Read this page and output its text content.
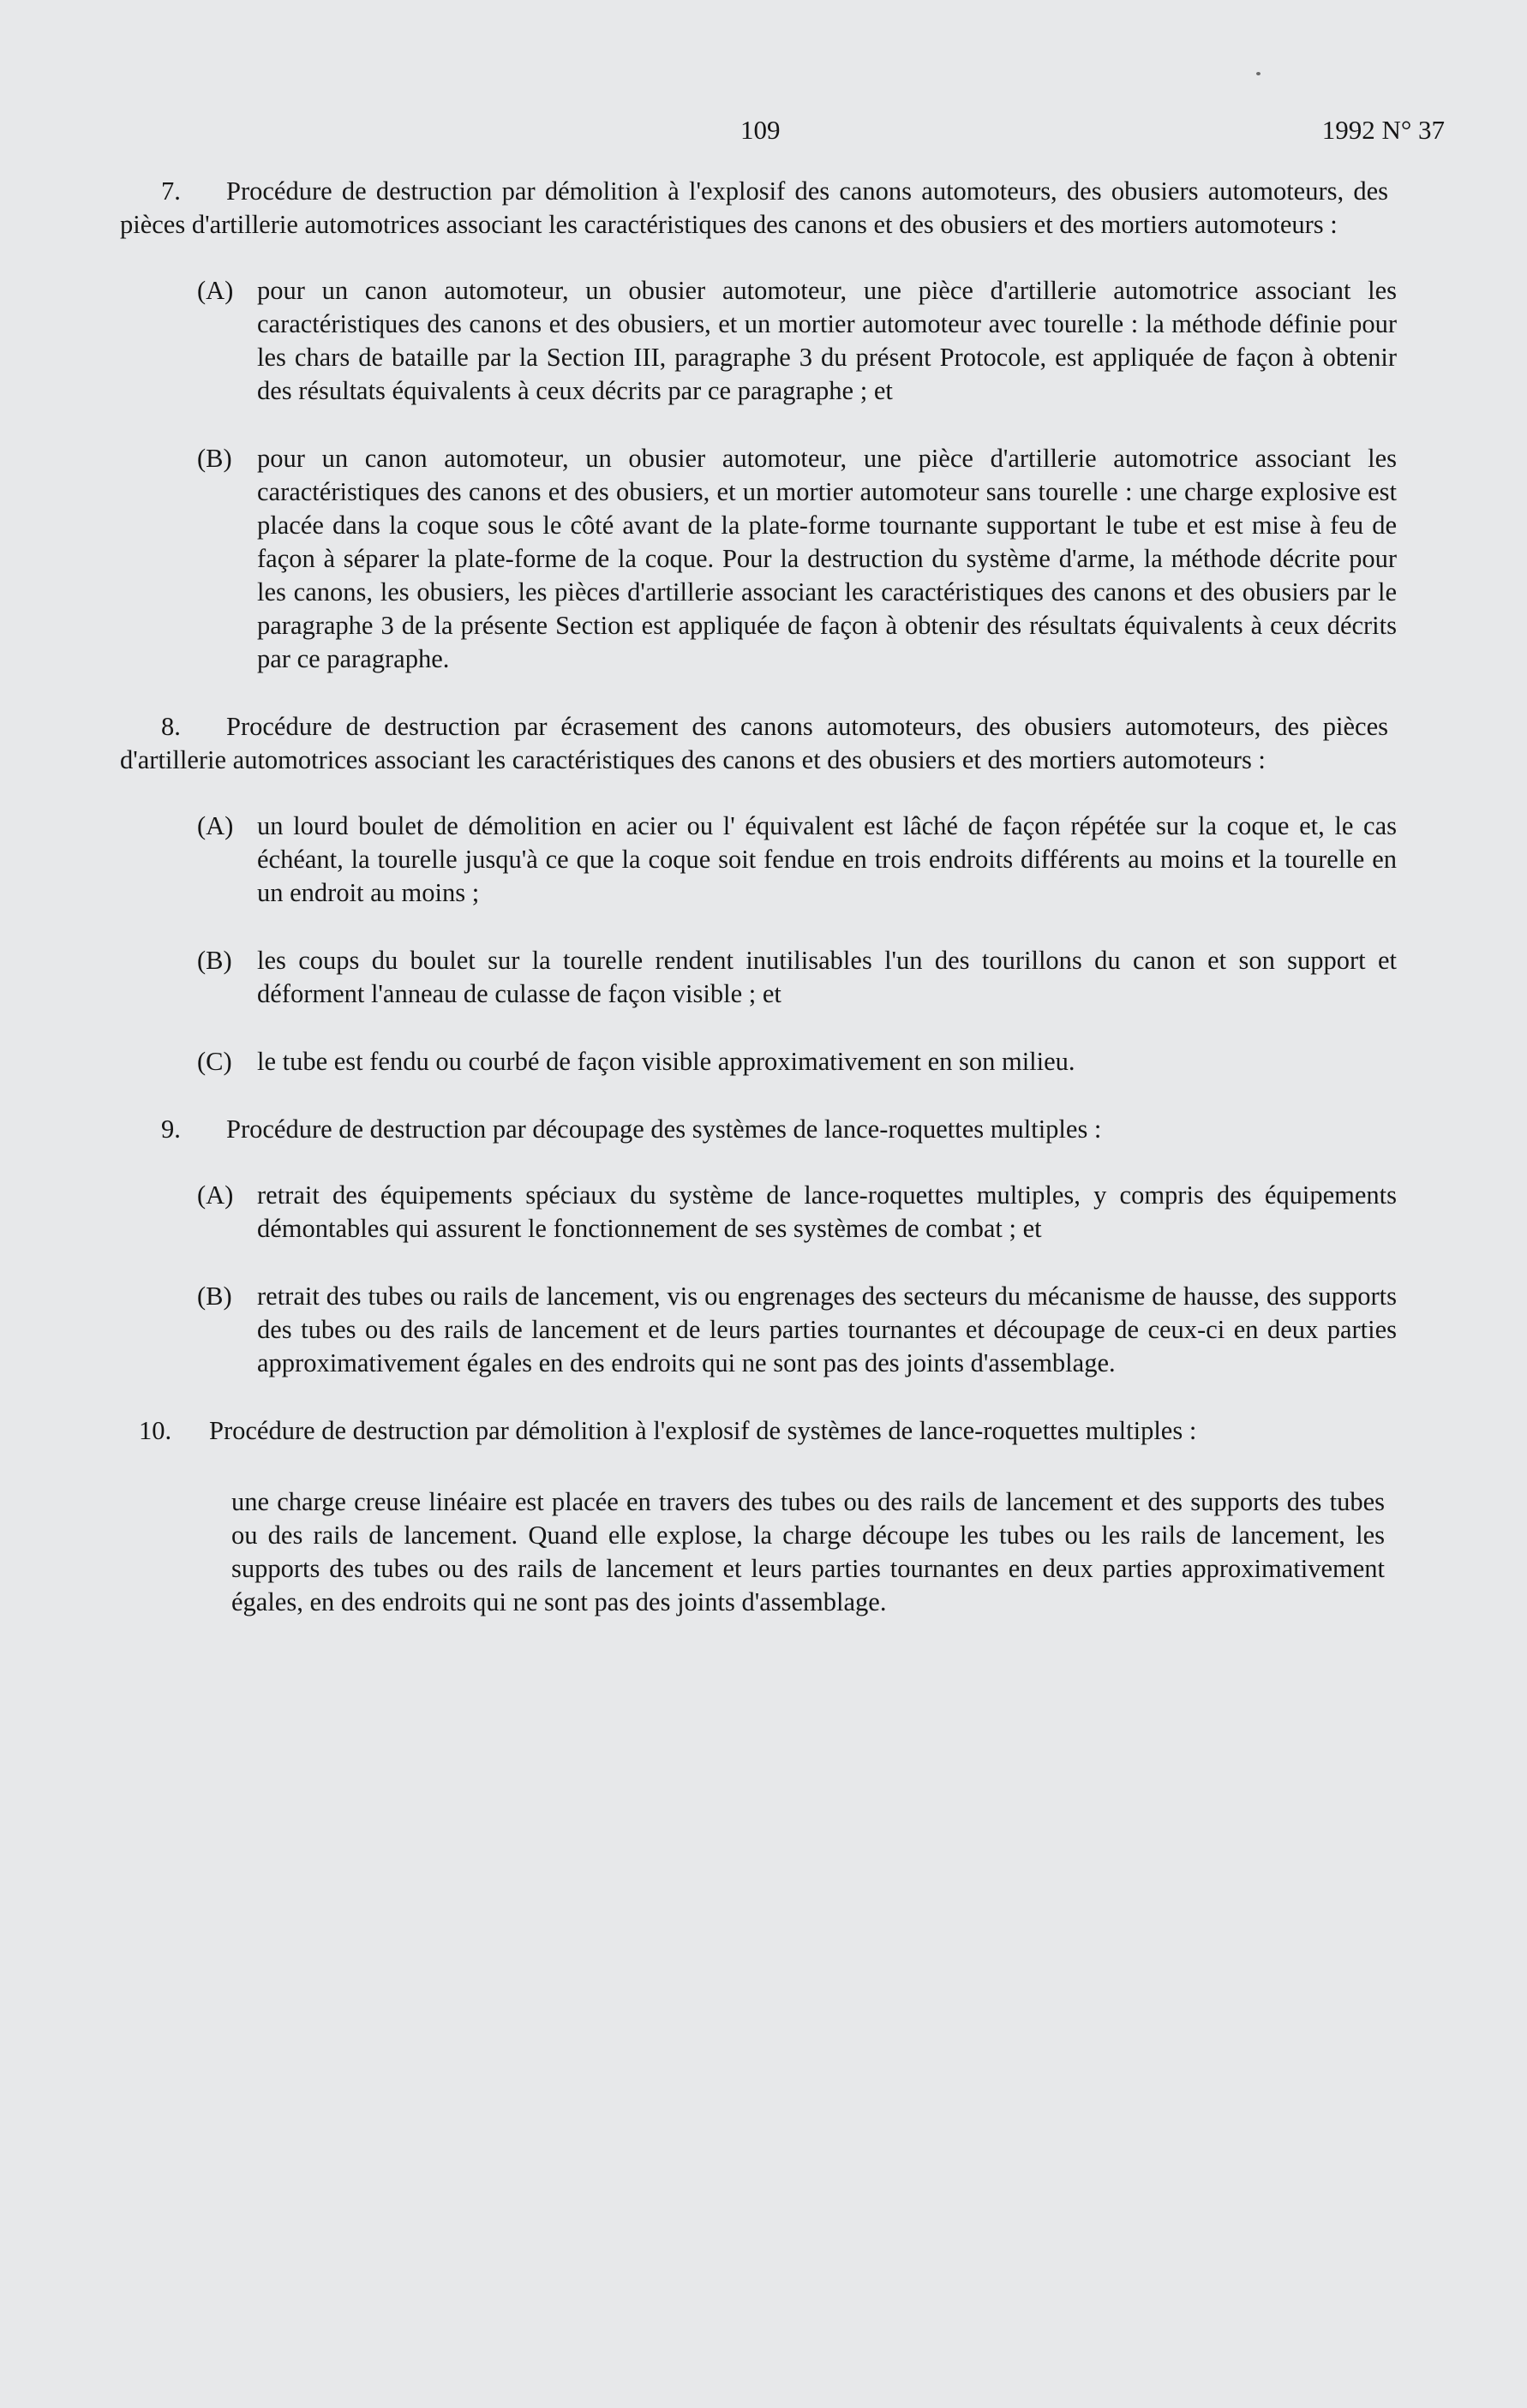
109	1992 N° 37

7. Procédure de destruction par démolition à l'explosif des canons automoteurs, des obusiers automoteurs, des pièces d'artillerie automotrices associant les caractéristiques des canons et des obusiers et des mortiers automoteurs :

(A) pour un canon automoteur, un obusier automoteur, une pièce d'artillerie automotrice associant les caractéristiques des canons et des obusiers, et un mortier automoteur avec tourelle : la méthode définie pour les chars de bataille par la Section III, paragraphe 3 du présent Protocole, est appliquée de façon à obtenir des résultats équivalents à ceux décrits par ce paragraphe ; et
(B) pour un canon automoteur, un obusier automoteur, une pièce d'artillerie automotrice associant les caractéristiques des canons et des obusiers, et un mortier automoteur sans tourelle : une charge explosive est placée dans la coque sous le côté avant de la plate-forme tournante supportant le tube et est mise à feu de façon à séparer la plate-forme de la coque. Pour la destruction du système d'arme, la méthode décrite pour les canons, les obusiers, les pièces d'artillerie associant les caractéristiques des canons et des obusiers par le paragraphe 3 de la présente Section est appliquée de façon à obtenir des résultats équivalents à ceux décrits par ce paragraphe.

8. Procédure de destruction par écrasement des canons automoteurs, des obusiers automoteurs, des pièces d'artillerie automotrices associant les caractéristiques des canons et des obusiers et des mortiers automoteurs :

(A) un lourd boulet de démolition en acier ou l' équivalent est lâché de façon répétée sur la coque et, le cas échéant, la tourelle jusqu'à ce que la coque soit fendue en trois endroits différents au moins et la tourelle en un endroit au moins ;
(B) les coups du boulet sur la tourelle rendent inutilisables l'un des tourillons du canon et son support et déforment l'anneau de culasse de façon visible ; et
(C) le tube est fendu ou courbé de façon visible approximativement en son milieu.

9. Procédure de destruction par découpage des systèmes de lance-roquettes multiples :

(A) retrait des équipements spéciaux du système de lance-roquettes multiples, y compris des équipements démontables qui assurent le fonctionnement de ses systèmes de combat ; et
(B) retrait des tubes ou rails de lancement, vis ou engrenages des secteurs du mécanisme de hausse, des supports des tubes ou des rails de lancement et de leurs parties tournantes et découpage de ceux-ci en deux parties approximativement égales en des endroits qui ne sont pas des joints d'assemblage.

10. Procédure de destruction par démolition à l'explosif de systèmes de lance-roquettes multiples :

une charge creuse linéaire est placée en travers des tubes ou des rails de lancement et des supports des tubes ou des rails de lancement. Quand elle explose, la charge découpe les tubes ou les rails de lancement, les supports des tubes ou des rails de lancement et leurs parties tournantes en deux parties approximativement égales, en des endroits qui ne sont pas des joints d'assemblage.
